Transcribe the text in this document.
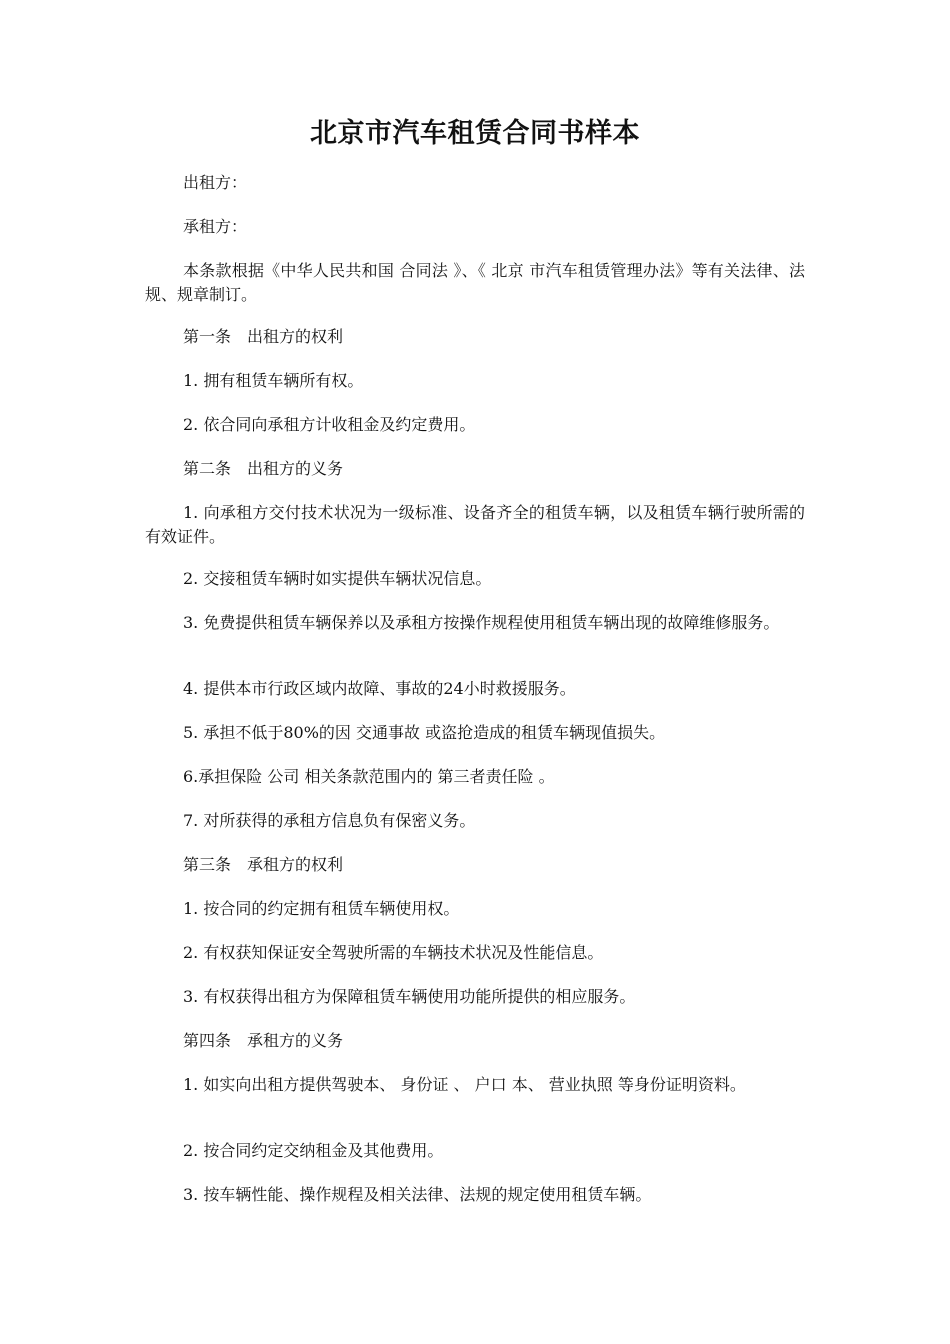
北京市汽车租赁合同书样本

出租方：

承租方：

本条款根据《中华人民共和国 合同法 》、《 北京 市汽车租赁管理办法》等有关法律、法规、规章制订。

第一条　出租方的权利

1. 拥有租赁车辆所有权。

2. 依合同向承租方计收租金及约定费用。

第二条　出租方的义务

1. 向承租方交付技术状况为一级标准、设备齐全的租赁车辆，以及租赁车辆行驶所需的有效证件。

2. 交接租赁车辆时如实提供车辆状况信息。

3. 免费提供租赁车辆保养以及承租方按操作规程使用租赁车辆出现的故障维修服务。

4. 提供本市行政区域内故障、事故的24小时救援服务。

5. 承担不低于80%的因 交通事故 或盗抢造成的租赁车辆现值损失。

6.承担保险 公司 相关条款范围内的 第三者责任险 。

7. 对所获得的承租方信息负有保密义务。

第三条　承租方的权利

1. 按合同的约定拥有租赁车辆使用权。

2. 有权获知保证安全驾驶所需的车辆技术状况及性能信息。

3. 有权获得出租方为保障租赁车辆使用功能所提供的相应服务。

第四条　承租方的义务

1. 如实向出租方提供驾驶本、 身份证 、 户口 本、 营业执照 等身份证明资料。

2. 按合同约定交纳租金及其他费用。

3. 按车辆性能、操作规程及相关法律、法规的规定使用租赁车辆。
